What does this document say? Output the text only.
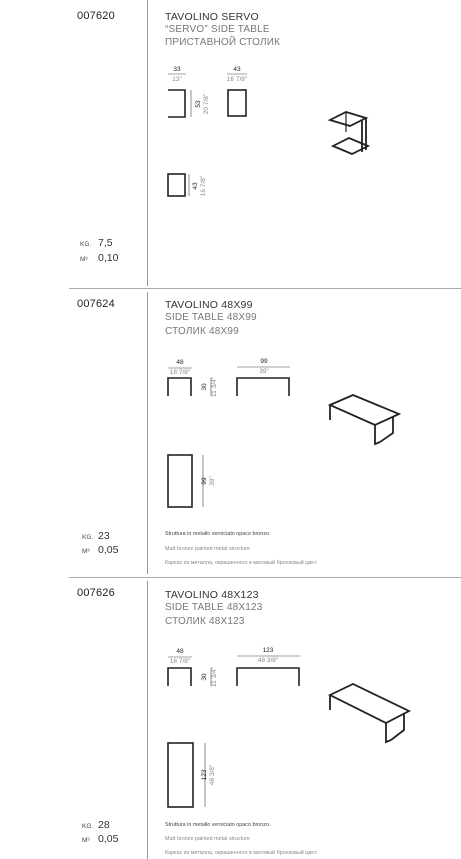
007620	TAVOLINO SERVO
“SERVO” SIDE TABLE
ПРИСТАВНОЙ СТОЛИК
KG. 7,5
M³ 0,10
33
13"
43
16 7/8"
53 20 7/8"
43 16 7/8"
007624	TAVOLINO 48X99
SIDE TABLE 48X99
СТОЛИК 48X99
KG. 23
M³ 0,05
Struttura in metallo verniciato opaco bronzo.
Matt bronze painted metal structure
Каркас из металла, окрашенного в матовый бронзовый цвет.
48
18 7/8"
99
39"
30 11 3/4"
99 39"
007626	TAVOLINO 48X123
SIDE TABLE 48X123
СТОЛИК 48X123
KG. 28
M³ 0,05
Struttura in metallo verniciato opaco bronzo.
Matt bronze painted metal structure
Каркас из металла, окрашенного в матовый бронзовый цвет.
48
18 7/8"
123
48 3/8"
30 11 3/4"
123 48 3/8"
